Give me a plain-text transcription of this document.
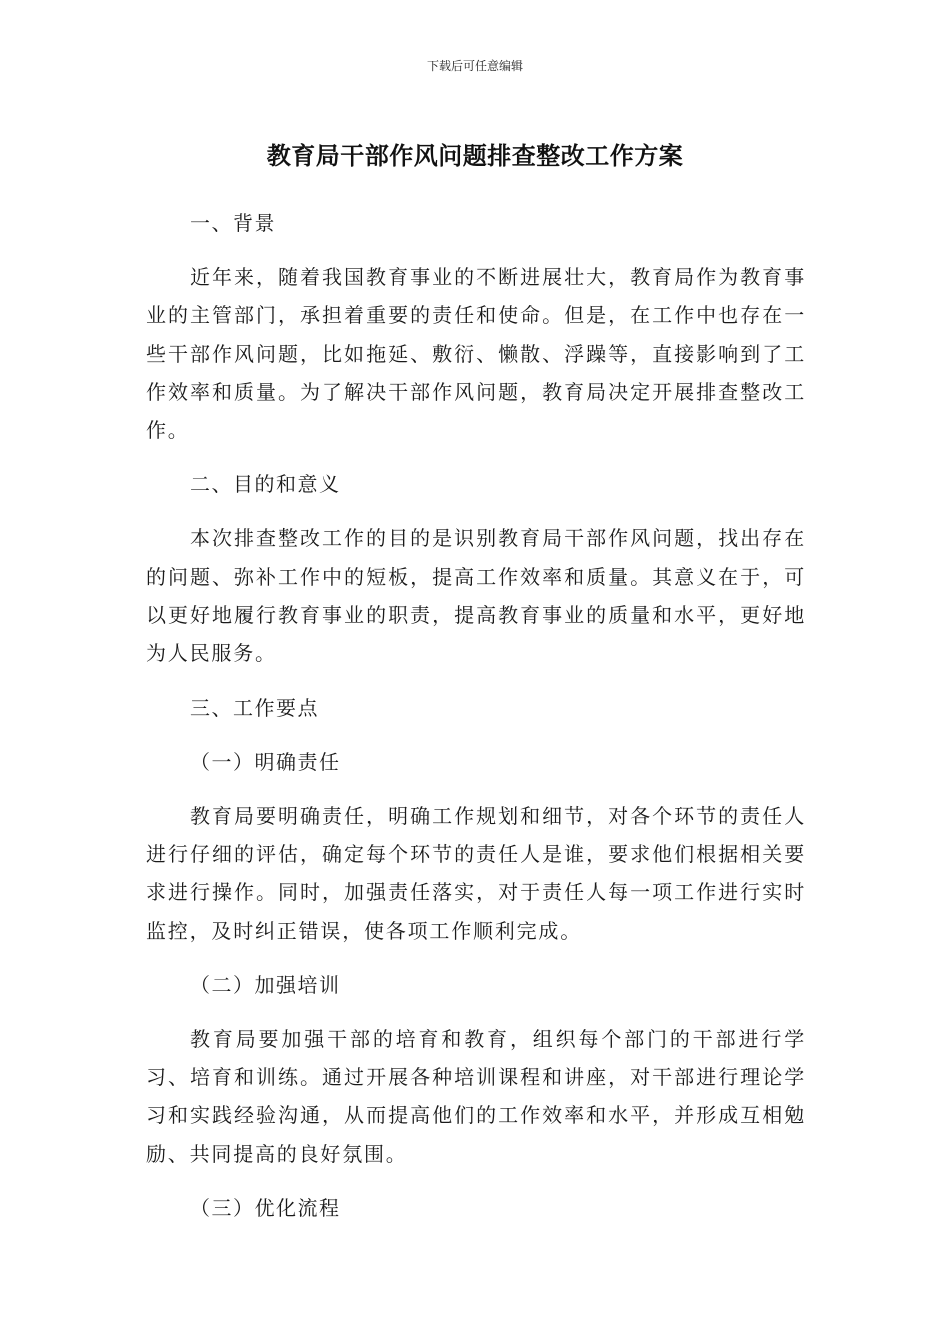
下载后可任意编辑
教育局干部作风问题排查整改工作方案
一、背景

近年来，随着我国教育事业的不断进展壮大，教育局作为教育事业的主管部门，承担着重要的责任和使命。但是，在工作中也存在一些干部作风问题，比如拖延、敷衍、懒散、浮躁等，直接影响到了工作效率和质量。为了解决干部作风问题，教育局决定开展排查整改工作。

二、目的和意义

本次排查整改工作的目的是识别教育局干部作风问题，找出存在的问题、弥补工作中的短板，提高工作效率和质量。其意义在于，可以更好地履行教育事业的职责，提高教育事业的质量和水平，更好地为人民服务。

三、工作要点
（一）明确责任

教育局要明确责任，明确工作规划和细节，对各个环节的责任人进行仔细的评估，确定每个环节的责任人是谁，要求他们根据相关要求进行操作。同时，加强责任落实，对于责任人每一项工作进行实时监控，及时纠正错误，使各项工作顺利完成。

（二）加强培训

教育局要加强干部的培育和教育，组织每个部门的干部进行学习、培育和训练。通过开展各种培训课程和讲座，对干部进行理论学习和实践经验沟通，从而提高他们的工作效率和水平，并形成互相勉励、共同提高的良好氛围。

（三）优化流程
